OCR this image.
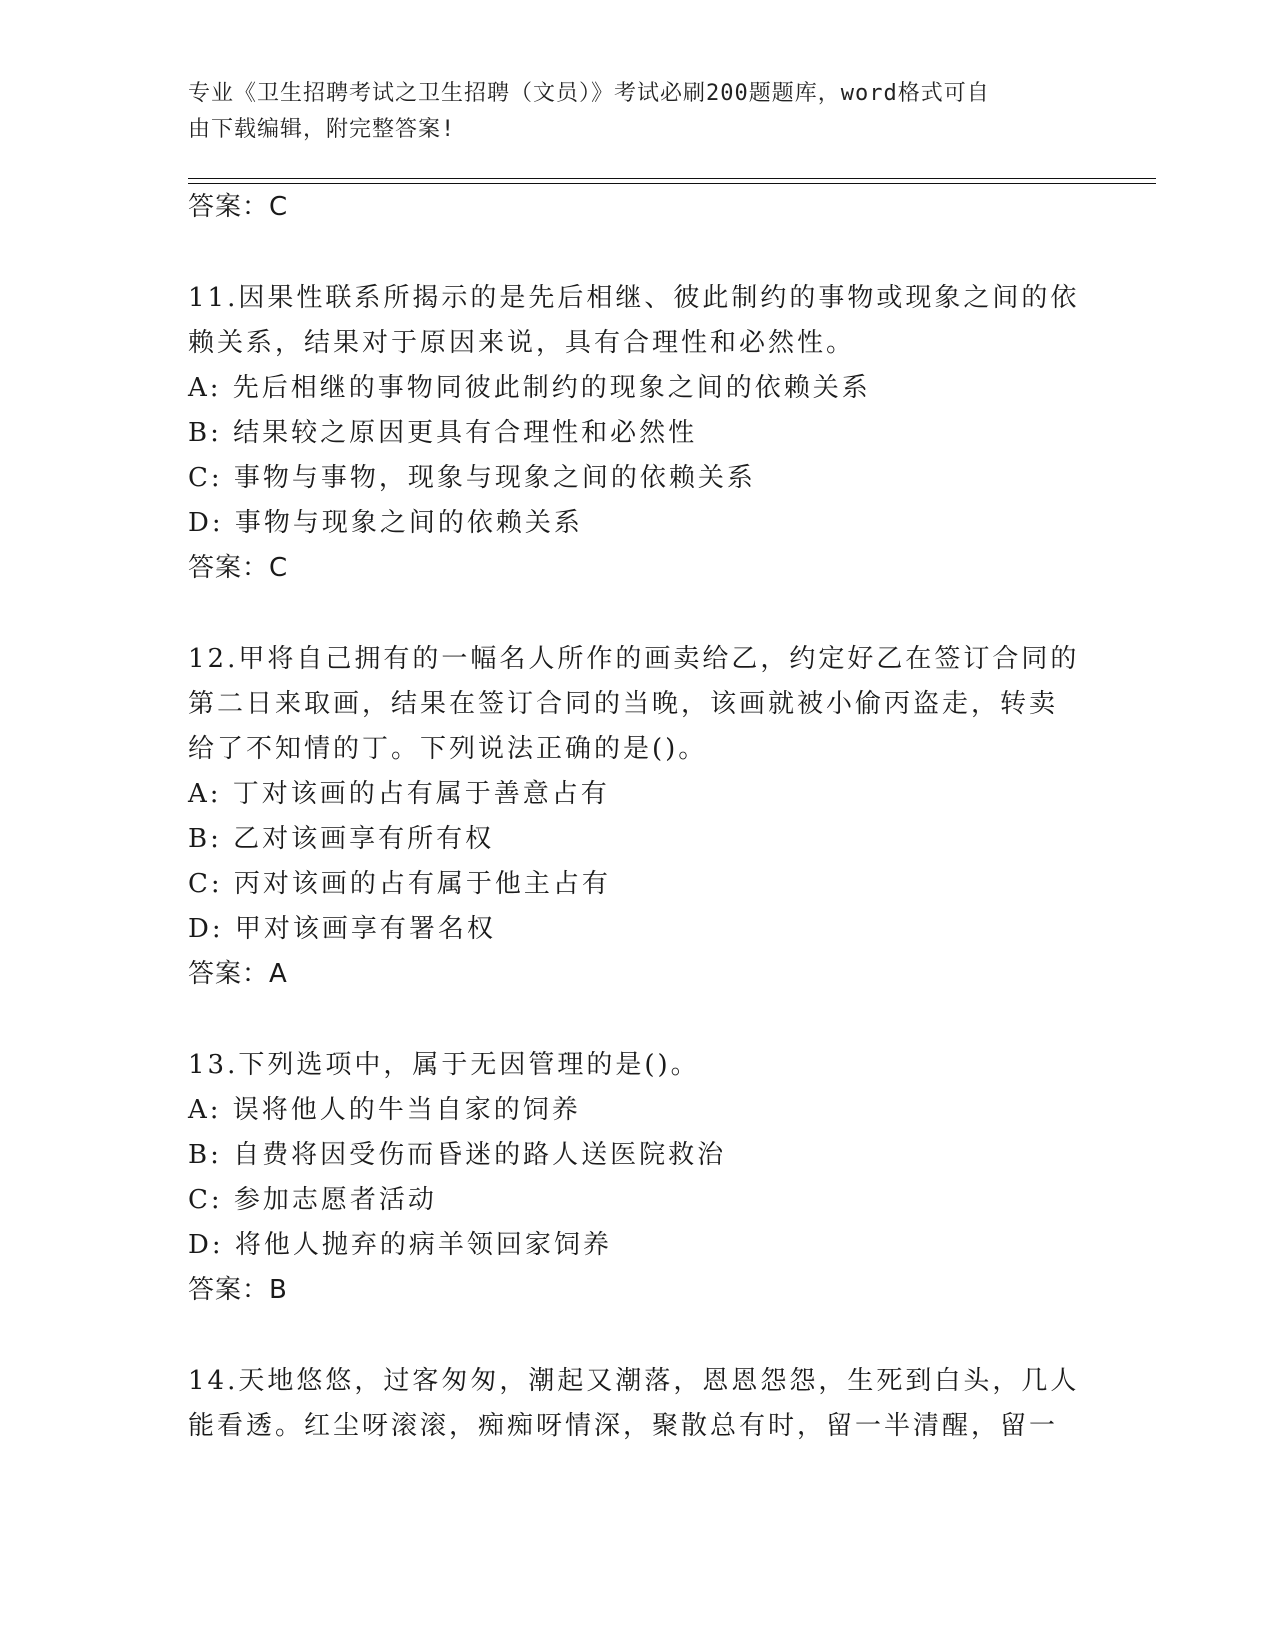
专业《卫生招聘考试之卫生招聘（文员）》考试必刷200题题库，word格式可自
由下载编辑，附完整答案!
答案：C
11.因果性联系所揭示的是先后相继、彼此制约的事物或现象之间的依
赖关系，结果对于原因来说，具有合理性和必然性。
A: 先后相继的事物同彼此制约的现象之间的依赖关系
B: 结果较之原因更具有合理性和必然性
C: 事物与事物，现象与现象之间的依赖关系
D: 事物与现象之间的依赖关系
答案：C
12.甲将自己拥有的一幅名人所作的画卖给乙，约定好乙在签订合同的
第二日来取画，结果在签订合同的当晚，该画就被小偷丙盗走，转卖
给了不知情的丁。下列说法正确的是()。
A: 丁对该画的占有属于善意占有
B: 乙对该画享有所有权
C: 丙对该画的占有属于他主占有
D: 甲对该画享有署名权
答案：A
13.下列选项中，属于无因管理的是()。
A: 误将他人的牛当自家的饲养
B: 自费将因受伤而昏迷的路人送医院救治
C: 参加志愿者活动
D: 将他人抛弃的病羊领回家饲养
答案：B
14.天地悠悠，过客匆匆，潮起又潮落，恩恩怨怨，生死到白头，几人
能看透。红尘呀滚滚，痴痴呀情深，聚散总有时，留一半清醒，留一
